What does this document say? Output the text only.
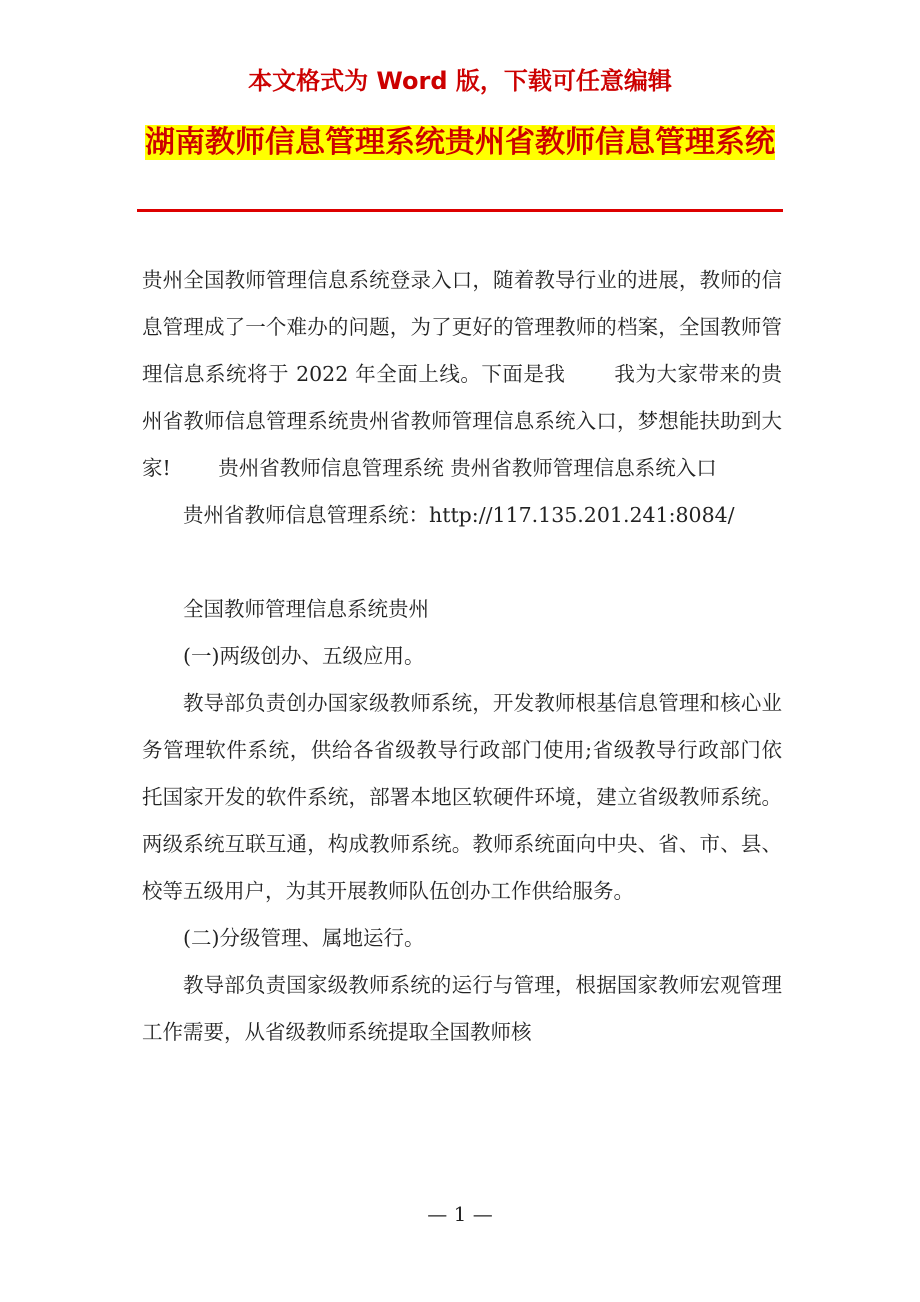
本文格式为 Word 版，下载可任意编辑
湖南教师信息管理系统贵州省教师信息管理系统

贵州全国教师管理信息系统登录入口，随着教导行业的进展，教师的信息管理成了一个难办的问题，为了更好的管理教师的档案，全国教师管理信息系统将于 2022 年全面上线。下面是我 　　我为大家带来的贵州省教师信息管理系统贵州省教师管理信息系统入口，梦想能扶助到大家! 　　贵州省教师信息管理系统 贵州省教师管理信息系统入口

贵州省教师信息管理系统：http://117.135.201.241:8084/

全国教师管理信息系统贵州

(一)两级创办、五级应用。

教导部负责创办国家级教师系统，开发教师根基信息管理和核心业务管理软件系统，供给各省级教导行政部门使用;省级教导行政部门依托国家开发的软件系统，部署本地区软硬件环境，建立省级教师系统。两级系统互联互通，构成教师系统。教师系统面向中央、省、市、县、校等五级用户，为其开展教师队伍创办工作供给服务。

(二)分级管理、属地运行。

教导部负责国家级教师系统的运行与管理，根据国家教师宏观管理工作需要，从省级教师系统提取全国教师核

— 1 —
